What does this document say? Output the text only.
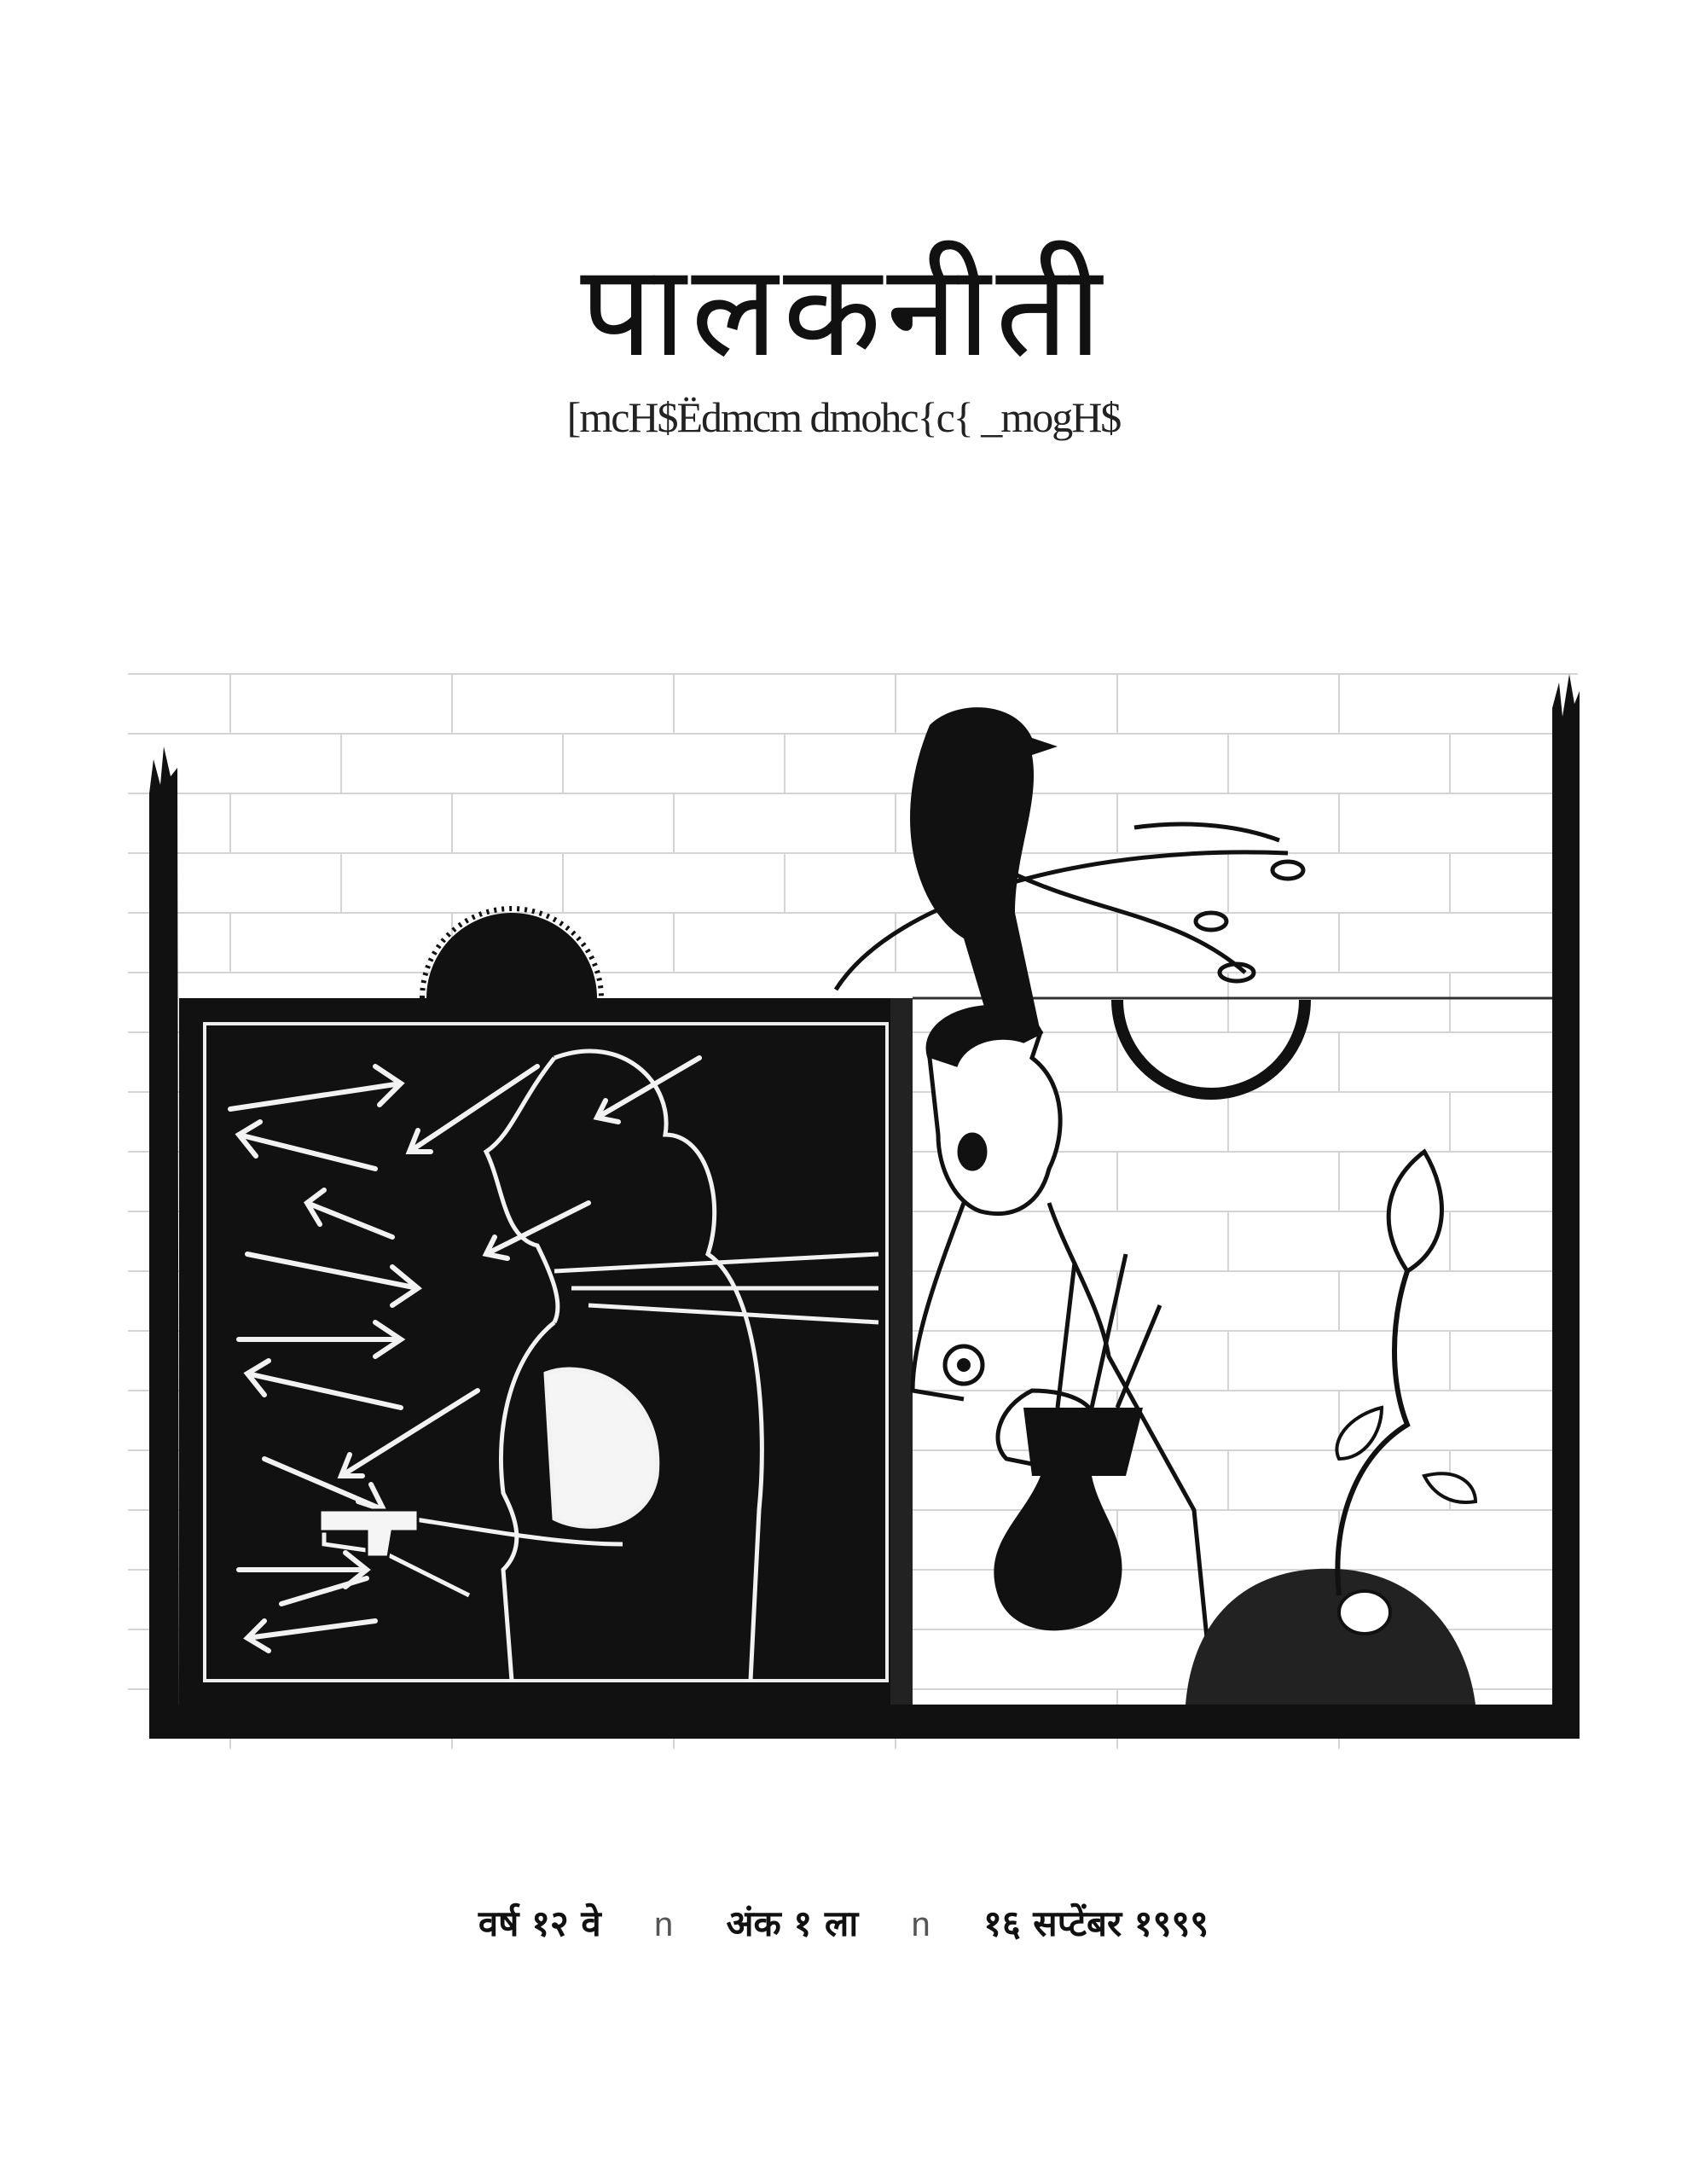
पालकनीती
[mcH$Ëdmcm dmohc{c{ _mogH$
वर्ष १२ वे n अंक १ ला n १६ सप्टेंबर १९९९
